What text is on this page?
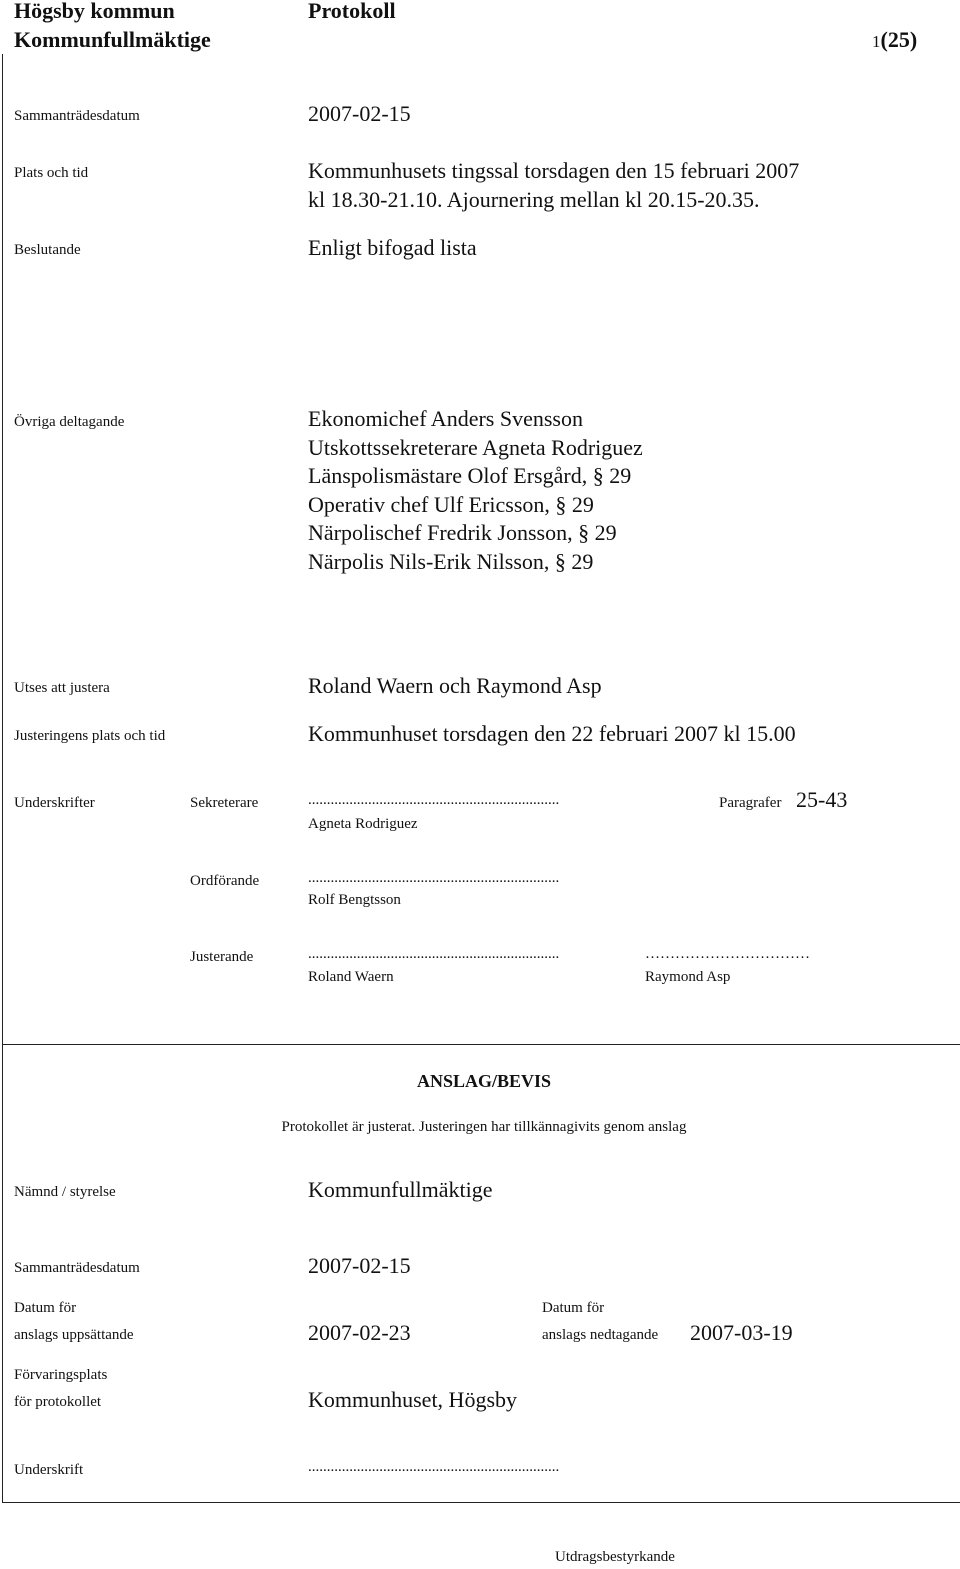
Högsby kommun	Protokoll
Kommunfullmäktige	1(25)
Sammanträdesdatum	2007-02-15
Plats och tid	Kommunhusets tingssal torsdagen den 15 februari 2007
kl 18.30-21.10. Ajournering mellan kl 20.15-20.35.
Beslutande	Enligt bifogad lista
Övriga deltagande	Ekonomichef Anders Svensson
Utskottssekreterare Agneta Rodriguez
Länspolismästare Olof Ersgård, § 29
Operativ chef Ulf Ericsson, § 29
Närpolischef Fredrik Jonsson, § 29
Närpolis Nils-Erik Nilsson, § 29
Utses att justera	Roland Waern och Raymond Asp
Justeringens plats och tid	Kommunhuset torsdagen den 22 februari 2007 kl 15.00
Underskrifter	Sekreterare	...................................................................
Agneta Rodriguez
Paragrafer 25-43
Ordförande	...................................................................
Rolf Bengtsson
Justerande	...................................................................	……………………………
Roland Waern	Raymond Asp
ANSLAG/BEVIS
Protokollet är justerat. Justeringen har tillkännagivits genom anslag
Nämnd / styrelse	Kommunfullmäktige
Sammanträdesdatum	2007-02-15
Datum för
anslags uppsättande	2007-02-23
Datum för
anslags nedtagande 2007-03-19
Förvaringsplats
för protokollet	Kommunhuset, Högsby
Underskrift	...................................................................
Utdragsbestyrkande
